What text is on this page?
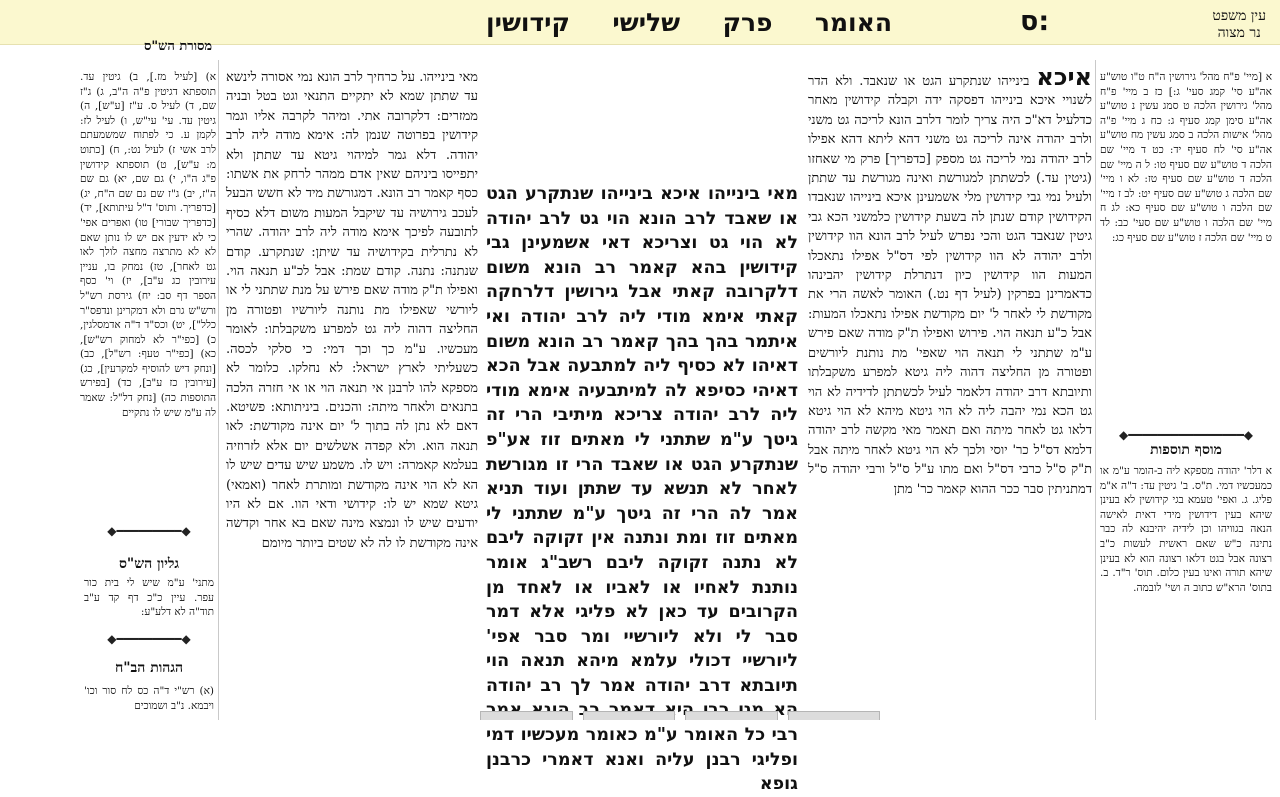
עין משפט
נר מצוה
ס:
האומר
פרק
שלישי
קידושין
מסורת הש"ס

א [מיי' פ"ח מהל' גירושין ה"ח ט"ו טוש"ע אה"ע סי' קמג סעי' ג:] כז ב מיי' פ"ח מהל' גירושין הלכה ט סמג עשין נ טוש"ע אה"ע סימן קמג סעיף ג: כח ג מיי' פ"ה מהל' אישות הלכה ב סמג עשין מח טוש"ע אה"ע סי' לח סעיף יד: כט ד מיי' שם הלכה ד טוש"ע שם סעיף טו: ל ה מיי' שם הלכה ד טוש"ע שם סעיף טז: לא ו מיי' שם הלכה ג טוש"ע שם סעיף יט: לב ז מיי' שם הלכה ו טוש"ע שם סעיף כא: לג ח מיי' שם הלכה ו טוש"ע שם סעי' כב: לד ט מיי' שם הלכה ז טוש"ע שם סעיף כג:

◆━━━━━━━━━━━━━━━━◆
מוסף תוספות

א דלר' יהודה מספקא ליה ב-הומר ע"מ או כמעכשיו דמי. ת"ס. ב' גיטין עד: ד"ה א"מ פליג. ג. ואפי' טעמא בגי קידושין לא בעינן שיהא בעין דידושין מידי דאית לאישה הנאה בגוויהו וכן לידיה יהיבנא לה כבר נתינה כ"ש שאם ראשית לעשות כ"ב רצונה אבל בגט דלאו רצונה הוא לא בעינן שיהא תורה ואינו בעין כלום. תוס' ר"ד. ב. בתוס' הרא"ש כתוב ה ושי' לובמה.

איכא בינייהו שנתקרע הגט או שנאבד. ולא הדר לשנויי איכא בינייהו דפסקה ידה וקבלה קידושין מאחר כדלעיל דא"כ היה צריך לומר דלרב הונא לריכה גט משני ולרב יהודה אינה לריכה גט משני דהא ליתא דהא אפילו לרב יהודה נמי לריכה גט מספק [כדפריך] פרק מי שאחזו (גיטין עד.) לכשתתן למגורשת ואינה מגורשת עד שתתן ולעיל נמי גבי קידושין מלי אשמעינן איכא בינייהו שנאבדו הקידושין קודם שנתן לה בשעת קידושין כלמשני הכא גבי גיטין שנאבד הגט והכי נפרש לעיל לרב הונא הוו קידושין ולרב יהודה לא הוו קידושין לפי דס"ל אפילו נתאכלו המעות הוו קידושין כיון דנתרלת קידושין יהבינהו כדאמרינן בפרקין (לעיל דף נט.) האומר לאשה הרי את מקודשת לי לאחר ל' יום מקודשת אפילו נתאכלו המעות: אבל כ"ע תנאה הוי. פירוש ואפילו ת"ק מודה שאם פירש ע"מ שתתני לי תנאה הוי שאפי' מת נותנת ליורשים ופטורה מן החליצה דהוה ליה גיטא למפרע משקבלתו ותיובתא דרב יהודה דלאמר לעיל לכשתתן לדידיה לא הוי גט הכא נמי יהבה ליה לא הוי גיטא מיהא לא הוי גיטא דלאו גט לאחר מיתה ואם תאמר מאי מקשה לרב יהודה דלמא דס"ל כר' יוסי ולכך לא הוי גיטא לאחר מיתה אבל ת"ק ס"ל כרבי דס"ל ואם מתו ע"ל ס"ל ורבי יהודה ס"ל דמתניתין סבר ככר ההוא קאמר כר' מתן

מאי בינייהו איכא בינייהו שנתקרע הגט או שאבד לרב הונא הוי גט לרב יהודה לא הוי גט וצריכא דאי אשמעינן גבי קידושין בהא קאמר רב הונא משום דלקרובה קאתי אבל גירושין דלרחקה קאתי אימא מודי ליה לרב יהודה ואי איתמר בהך בהך קאמר רב הונא משום דאיהו לא כסיף ליה למתבעה אבל הכא דאיהי כסיפא לה למיתבעיה אימא מודי ליה לרב יהודה צריכא מיתיבי הרי זה גיטך ע"מ שתתני לי מאתים זוז אע"פ שנתקרע הגט או שאבד הרי זו מגורשת לאחר לא תנשא עד שתתן ועוד תניא אמר לה הרי זה גיטך ע"מ שתתני לי מאתים זוז ומת ונתנה אין זקוקה ליבם לא נתנה זקוקה ליבם רשב"ג אומר נותנת לאחיו או לאביו או לאחד מן הקרובים עד כאן לא פליגי אלא דמר סבר לי ולא ליורשיי ומר סבר אפי' ליורשיי דכולי עלמא מיהא תנאה הוי תיובתא דרב יהודה אמר לך רב יהודה הא היא רבי כל האומר ע"מ כאומר מעכשיו דמי ופליגי רבנן עליה ואנא דאמרי כרבנן גופא

מאי בינייהו. על כרחיך לרב הונא נמי אסורה לינשא עד שתתן שמא לא יתקיים התנאי וגט בטל ובניה ממזרים: דלקרובה אתי. ומיהר לקרבה אליו וגמר קידושין בפרוטה שנמן לה: אימא מודה ליה לרב יהודה. דלא גמר למיהוי גיטא עד שתתן ולא יתפייסו ביניהם שאין אדם ממהר לרחק את אשתו: כסף קאמר רב הונא. דמגורשת מיד לא חשש הבעל לעכב גירושיה עד שיקבל המעות משום דלא כסיף לתובעה לפיכך אימא מודה ליה לרב יהודה. שהרי לא נתרלית בקידושיה עד שיתן: שנתקרע. קודם שנתנה: נתנה. קודם שמת: אבל לכ"ע תנאה הוי. ואפילו ת"ק מודה שאם פירש על מנת שתתני לי או ליורשי שאפילו מת נותנה ליורשיו ופטורה מן החליצה דהוה ליה גט למפרע משקבלתו: לאומר מעכשיו. ע"מ כך וכך דמי: כי סלקי לכסה. כשעליתי לארץ ישראל: לא נחלקו. כלומר לא מספקא להו לרבנן אי תנאה הוי או אי חזרה הלכה בתנאים ולאחר מיתה: והכנים. ביניתותא: פשיטא. דאם לא נתן לה בתוך ל' יום אינה מקודשת: לאו תנאה הוא. ולא קפדה אשלשים יום אלא לזרוזיה בעלמא קאמרה: ויש לו. משמע שיש עדים שיש לו הא לא הוי אינה מקודשת ומותרת לאחר (ואמאי) גיטא שמא יש לו: קידושי ודאי הוו. אם לא היו יודעים שיש לו ונמצא מינה שאם בא אחר וקדשה אינה מקודשת לו לה לא שטים ביותר מיומם

א) [לעיל מז.], ב) גיטין עד. תוספתא דגיטין פ"ה ה"ב, ג) ג"ז שם, ד) לעיל ס. ע"ז [ע"ש], ה) גיטין עד. עי' עי"ש, ו) לעיל לז: לקמן ע. כי לפתוח שמשמעתם לרב אשי ז) לעיל נט:, ח) [כתוט מ: ע"ש], ט) תוספתא קידושין פ"ג ה"ו, י) גם שם, יא) גם שם ה"ז, יב) ג"ז שם גם שם ה"ח, יג) [כדפריך. ותוס' ד"ל עיתותא], יד) [כדפריך שבורי] טו) ואפרים אפי' כי לא ידעין אם יש לו נותן שאם לא לא מתרצה מחצה לולך לאו גט לאחר], טז) נמחק בו, עניין עירובין כג ע"ב], יז) וי' כסף הספר דף סב: יח) גירסת רש"ל ורש"ש גרם ולא דמקרינן ונדפס"ר כלל"], יט) וכס"ד ד"ה אדמסלגין, כ) [כפי"ר לא למחוק רש"ש], כא) [כפי"ר טעף: רש"ל], כב) [ונחק דיש להוסיף למקרעין], כג) [עירובין כז ע"ב], כד) [בפירש התוספות כה) [נחק דל"ל: שאמר לה ע"מ שיש לו נתקיים

◆━━━━━━━━━◆
גליון הש"ס

מתני' ע"מ שיש לי בית כור עפר. עיין כ"כ דף קד ע"ב תוד"ה לא דלע"ע:

◆━━━━━━━━━◆
הגהות הב"ח

(א) רש"י ד"ה כס לח סור וכו' ויבמא. נ"ב ושמוכים
